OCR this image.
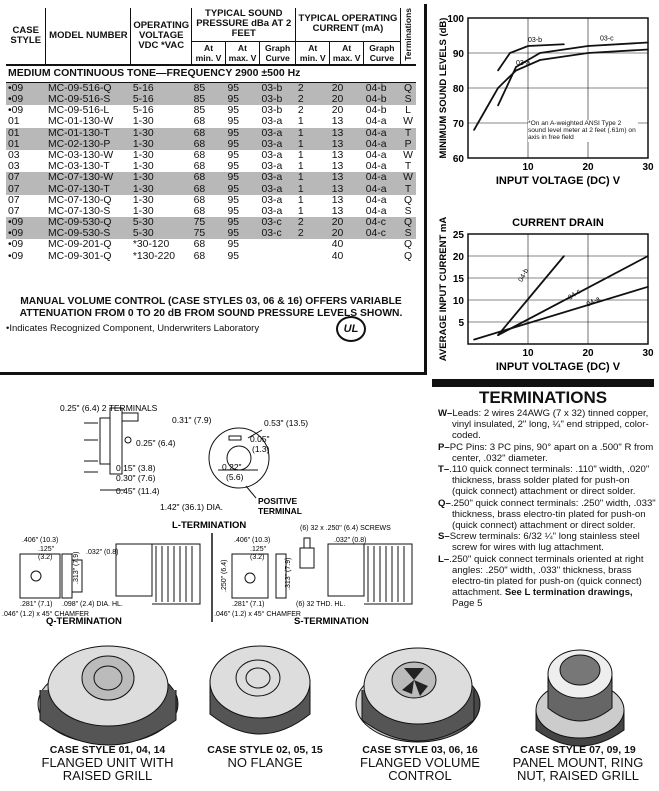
CASE STYLE	MODEL NUMBER	OPERATING VOLTAGE VDC *VAC	TYPICAL SOUND PRESSURE dBa AT 2 FEET			TYPICAL OPERATING CURRENT (mA)			Terminations
			At min. V	At max. V	Graph Curve	At min. V	At max. V	Graph Curve	
MEDIUM CONTINUOUS TONE—FREQUENCY 2900 ±500 Hz									
•09	MC-09-516-Q	5-16	85	95	03-b	2	20	04-b	Q
•09	MC-09-516-S	5-16	85	95	03-b	2	20	04-b	S
•09	MC-09-516-L	5-16	85	95	03-b	2	20	04-b	L
01	MC-01-130-W	1-30	68	95	03-a	1	13	04-a	W
01	MC-01-130-T	1-30	68	95	03-a	1	13	04-a	T
01	MC-02-130-P	1-30	68	95	03-a	1	13	04-a	P
03	MC-03-130-W	1-30	68	95	03-a	1	13	04-a	W
03	MC-03-130-T	1-30	68	95	03-a	1	13	04-a	T
07	MC-07-130-W	1-30	68	95	03-a	1	13	04-a	W
07	MC-07-130-T	1-30	68	95	03-a	1	13	04-a	T
07	MC-07-130-Q	1-30	68	95	03-a	1	13	04-a	Q
07	MC-07-130-S	1-30	68	95	03-a	1	13	04-a	S
•09	MC-09-530-Q	5-30	75	95	03-c	2	20	04-c	Q
•09	MC-09-530-S	5-30	75	95	03-c	2	20	04-c	S
•09	MC-09-201-Q	*30-120	68	95			40		Q
•09	MC-09-301-Q	*130-220	68	95			40		Q
MANUAL VOLUME CONTROL (CASE STYLES 03, 06 & 16) OFFERS VARIABLE
ATTENUATION FROM 0 TO 20 dB FROM SOUND PRESSURE LEVELS SHOWN.
•Indicates Recognized Component, Underwriters Laboratory	UL
100
90
80
70
60
10	20	30
INPUT VOLTAGE (DC) V
MINIMUM SOUND LEVELS (dB)	03-b	03-c
03-a
*On an A-weighted ANSI Type 2 sound level meter at 2 feet (.61m) on axis in free field
25
20
15
10
5
10	20	30
INPUT VOLTAGE (DC) V
AVERAGE INPUT CURRENT mA	CURRENT DRAIN
04-b
04-c
04-a
0.25" (6.4) 2 TERMINALS
0.31" (7.9)	0.53" (13.5)
0.25" (6.4)	0.05"
(1.3)
0.15" (3.8)
0.30" (7.6)
0.45" (11.4)
0.22"
(5.6)
1.42" (36.1) DIA.
POSITIVE
TERMINAL
L-TERMINATION
.406" (10.3)
.125"
(3.2)
.032" (0.8)
.313" (7.9)
.281" (7.1) .098" (2.4) DIA. HL.
.046" (1.2) x 45° CHAMFER
Q-TERMINATION
(6) 32 x .250" (6.4) SCREWS
.406" (10.3)
.125"
(3.2)
.032" (0.8)
.250" (6.4)	.313" (7.9)
.281" (7.1)	(6) 32 THD. HL.
.046" (1.2) x 45° CHAMFER
S-TERMINATION
TERMINATIONS
W–Leads: 2 wires 24AWG (7 x 32) tinned copper, vinyl insulated, 2" long, ¼" end stripped, color-coded.
P–PC Pins: 3 PC pins, 90° apart on a .500" R from center, .032" diameter.
T–.110 quick connect terminals: .110" width, .020" thickness, brass solder plated for push-on (quick connect) attachment or direct solder.
Q–.250" quick connect terminals: .250" width, .033" thickness, brass electro-tin plated for push-on (quick connect) attachment or direct solder.
S–Screw terminals: 6/32 ¼" long stainless steel screw for wires with lug attachment.
L–.250" quick connect terminals oriented at right angles: .250" width, .033" thickness, brass electro-tin plated for push-on (quick connect) attachment. See L termination drawings, Page 5
CASE STYLE 01, 04, 14
FLANGED UNIT WITH
RAISED GRILL
CASE STYLE 02, 05, 15
NO FLANGE
CASE STYLE 03, 06, 16
FLANGED VOLUME
CONTROL
CASE STYLE 07, 09, 19
PANEL MOUNT, RING
NUT, RAISED GRILL
